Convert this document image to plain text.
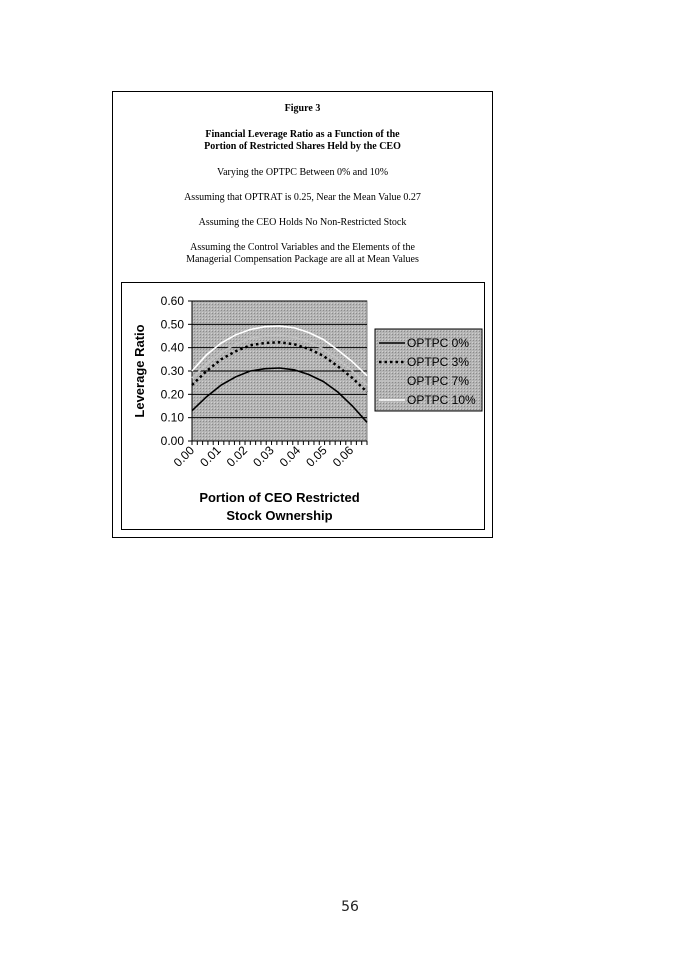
Figure 3
Financial Leverage Ratio as a Function of the
Portion of Restricted Shares Held by the CEO
Varying the OPTPC Between 0% and 10%
Assuming that OPTRAT is 0.25, Near the Mean Value 0.27
Assuming the CEO Holds No Non-Restricted Stock
Assuming the Control Variables and the Elements of the
Managerial Compensation Package are all at Mean Values
0.00
0.10
0.20
0.30
0.40
0.50
0.60
0.00 0.01 0.02 0.03 0.04 0.05 0.06
Leverage Ratio
Portion of CEO Restricted
Stock Ownership
OPTPC 0%
OPTPC 3%
OPTPC 7%
OPTPC 10%
56
